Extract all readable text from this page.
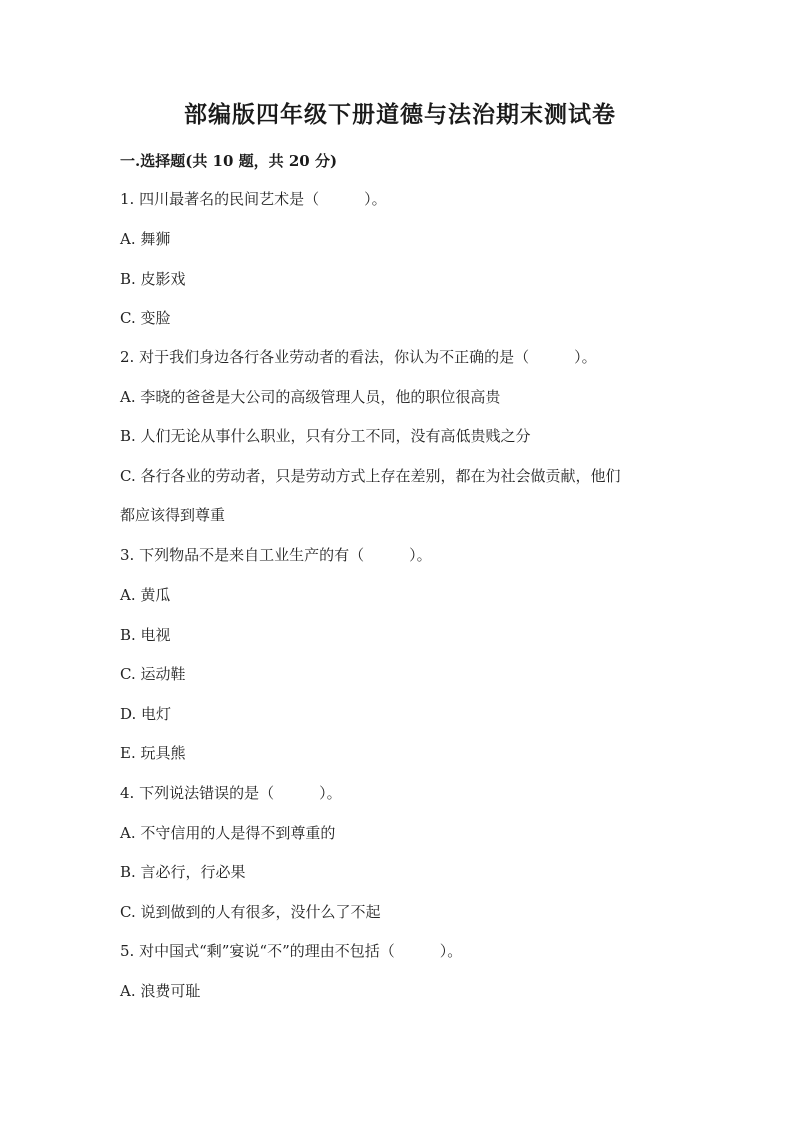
部编版四年级下册道德与法治期末测试卷
一.选择题(共 10 题，共 20 分)
1. 四川最著名的民间艺术是（　　　）。
A. 舞狮
B. 皮影戏
C. 变脸
2. 对于我们身边各行各业劳动者的看法，你认为不正确的是（　　　）。
A. 李晓的爸爸是大公司的高级管理人员，他的职位很高贵
B. 人们无论从事什么职业，只有分工不同，没有高低贵贱之分
C. 各行各业的劳动者，只是劳动方式上存在差别，都在为社会做贡献，他们
都应该得到尊重
3. 下列物品不是来自工业生产的有（　　　）。
A. 黄瓜
B. 电视
C. 运动鞋
D. 电灯
E. 玩具熊
4. 下列说法错误的是（　　　）。
A. 不守信用的人是得不到尊重的
B. 言必行，行必果
C. 说到做到的人有很多，没什么了不起
5. 对中国式“剩”宴说“不”的理由不包括（　　　）。
A. 浪费可耻
